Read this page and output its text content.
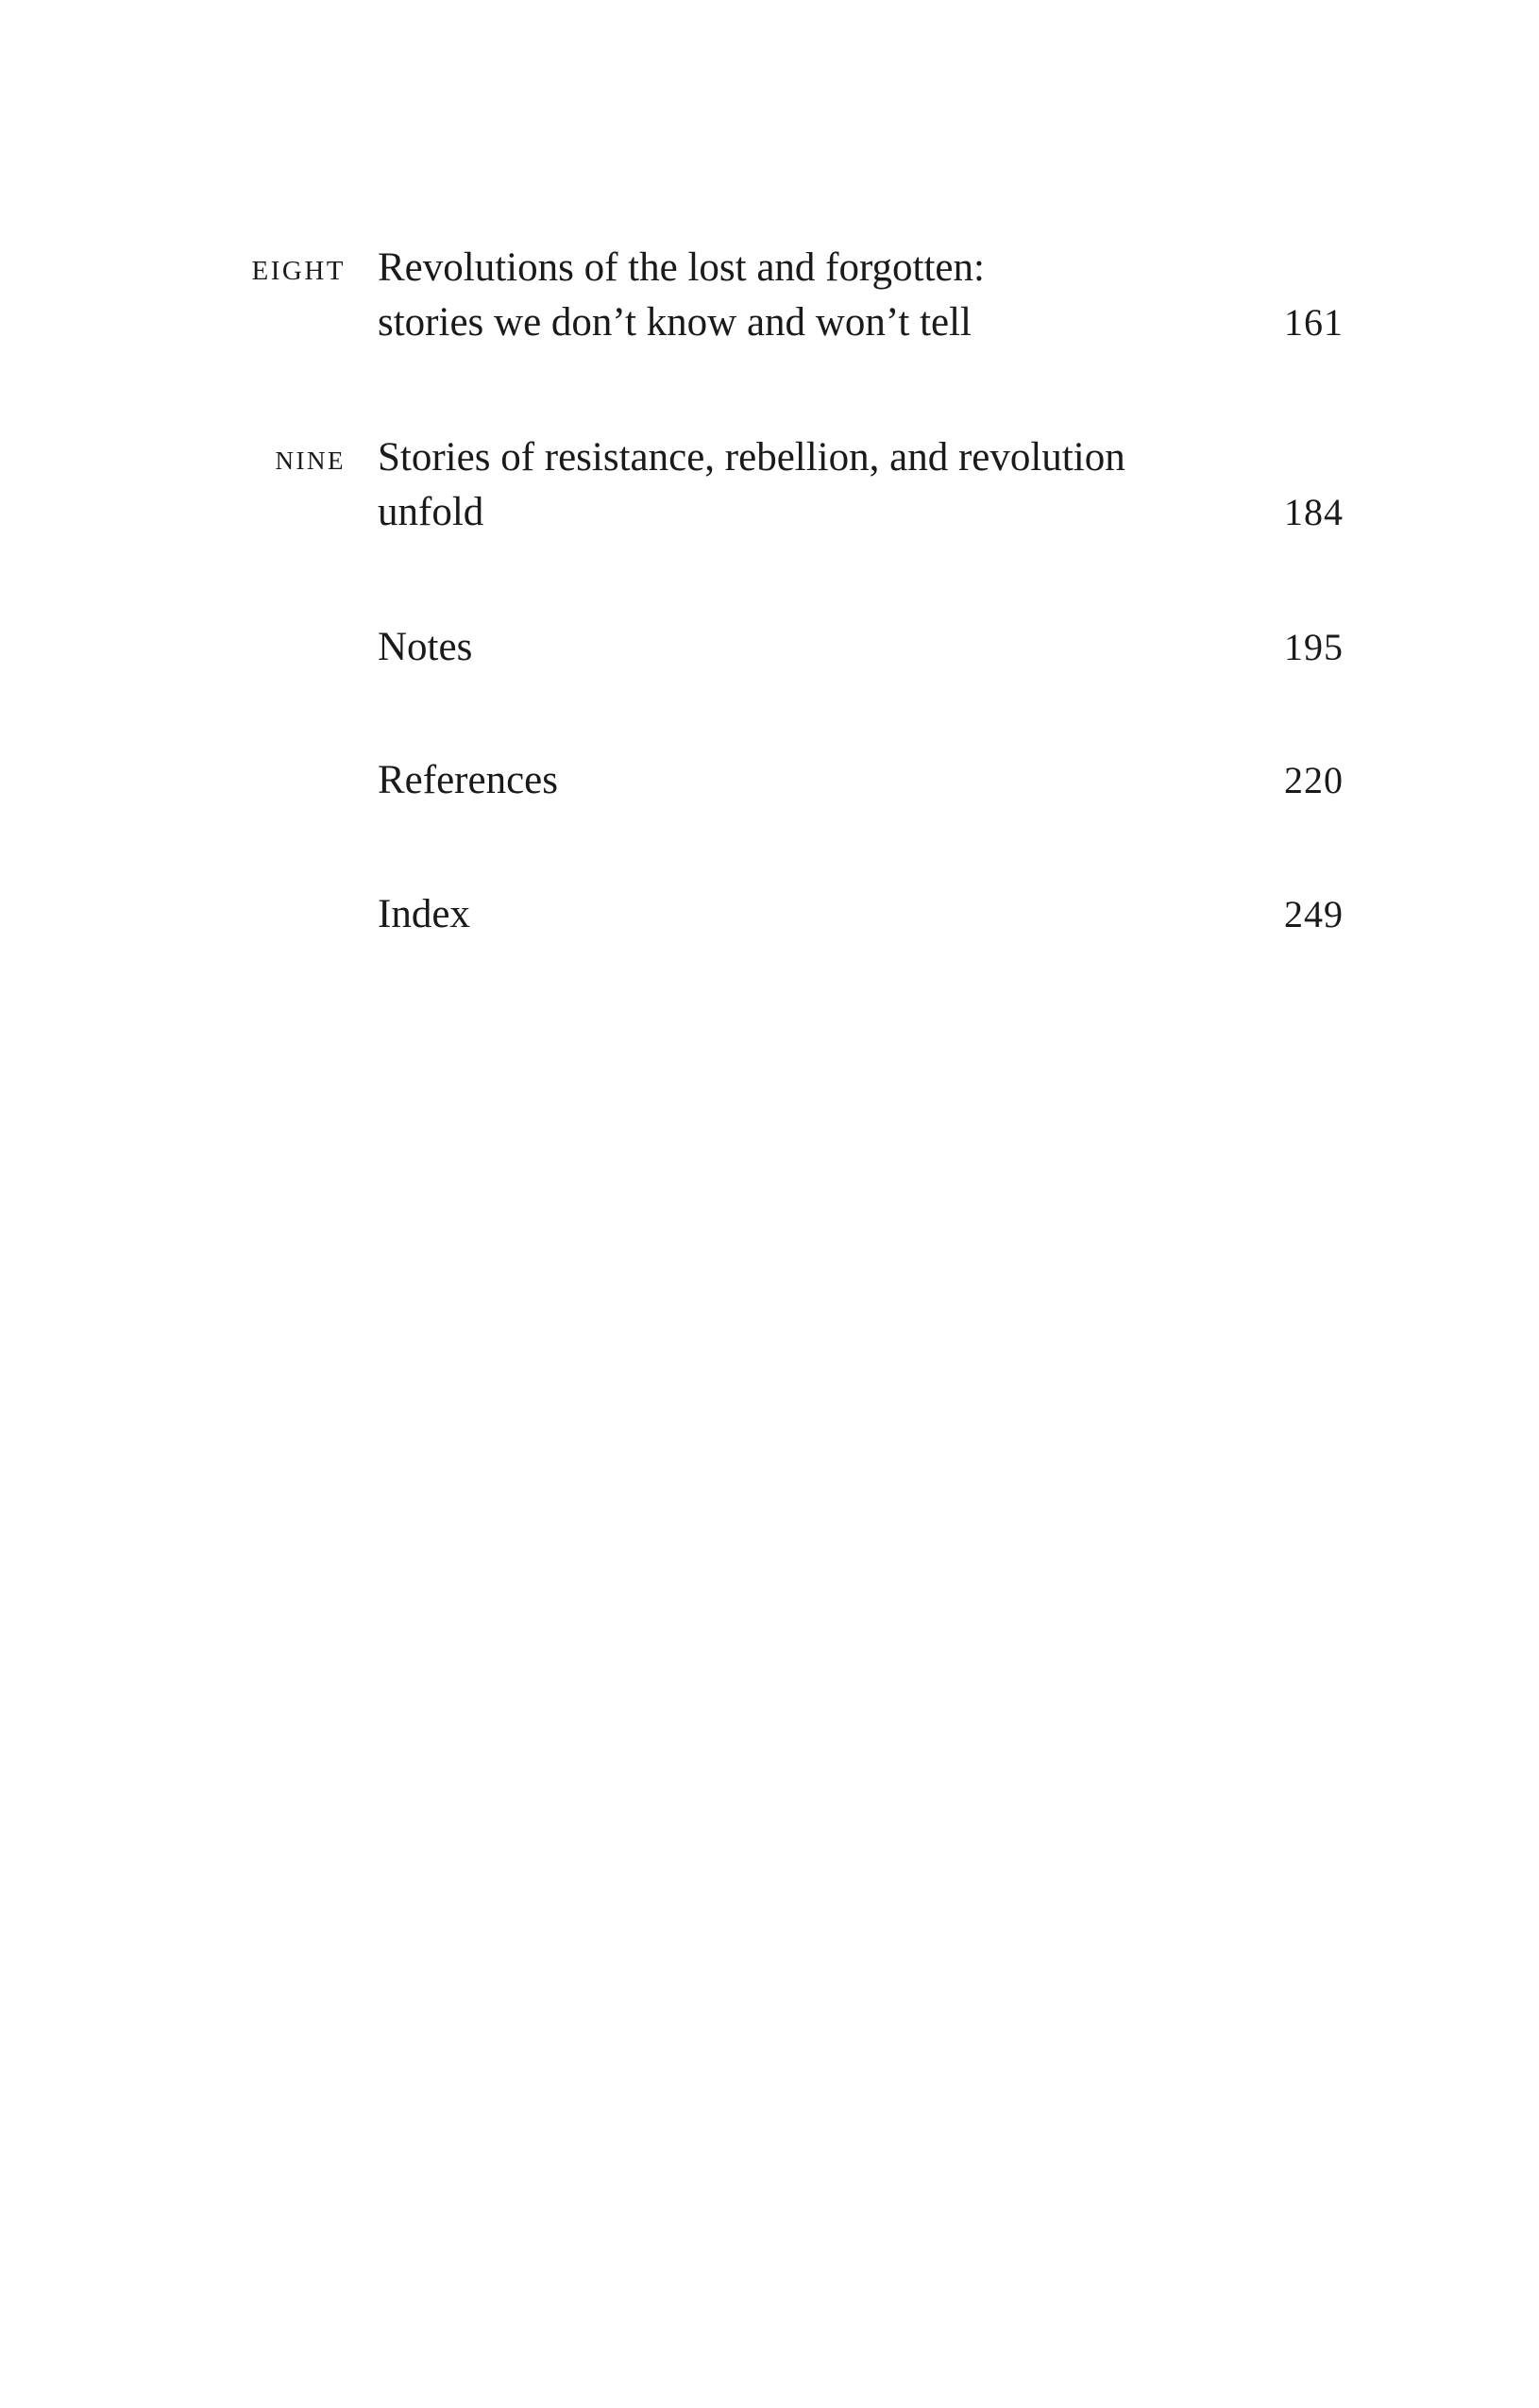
EIGHT Revolutions of the lost and forgotten:
stories we don’t know and won’t tell	161
NINE Stories of resistance, rebellion, and revolution
unfold	184
Notes	195
References	220
Index	249
